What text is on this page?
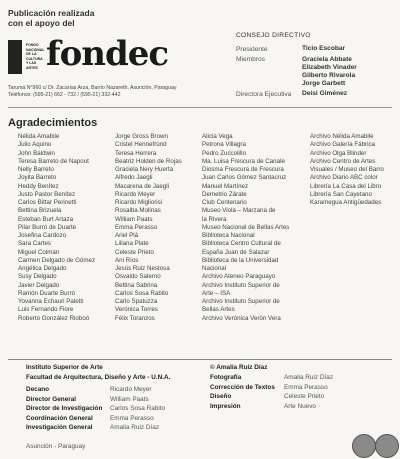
Publicación realizada
con el apoyo del
FONDO NACIONAL DE LA CULTURA Y LAS ARTES fondec
Tarumá N°960 c/ Dr. Zacarías Arza, Barrio Nazareth, Asunción, Paraguay
Teléfonos: (595-21) 662 - 732 / (595-21) 332-442
CONSEJO DIRECTIVO
Presidente	Ticio Escobar
Miembros	Graciela Abbate
Elizabeth Vinader
Gilberto Rivarola
Jorge Garbett
Directora Ejecutiva Deisi Giménez
Agradecimientos
Nélida Amabile
Julio Aquino
John Baldwin
Teresa Barreto de Napout
Nelly Barreto
Joyita Barreto
Heddy Benítez
Justo Pastor Benítez
Carlos Bittar Perinetti
Bettina Brizuela
Esteban Burt Artaza
Pilar Burró de Duarte
Josefina Cardozo
Sara Cartes
Miguel Colmán
Carmen Delgado de Gómez
Angélica Delgado
Susy Delgado
Javier Delgado
Ramón Duarte Burró
Yovanna Echauri Paletti
Luis Fernando Fiore
Roberto González Rioboó
Jorge Gross Brown
Cristel Hennefründ
Teresa Herrera
Beatriz Holden de Rojas
Graciela Nery Huerta
Alfredo Jaegli
Macarena de Jaegli
Ricardo Meyer
Ricardo Migliorisi
Rosalba Molinas
William Paats
Emma Perasso
Ariel Plá
Liliana Plate
Celeste Prieto
Ani Ríos
Jesús Ruiz Nestosa
Osvaldo Salerno
Bettina Sabrina
Carlos Sosa Rabito
Carlo Spatuzza
Verónica Torres
Félix Toranzos
Alicia Vega
Petrona Villagra
Pedro Zuccolillo
Ma. Luisa Frescura de Canale
Diosma Frescura de Frescura
Juan Carlos Gómez Santacruz
Manuel Martínez
Demetrio Zárate
Club Centenario
Museo Viola – Marzana de
la Rivera
Museo Nacional de Bellas Artes
Biblioteca Nacional
Biblioteca Centro Cultural de
España Juan de Salazar
Biblioteca de la Universidad
Nacional
Archivo Ateneo Paraguayo
Archivo Instituto Superior de
Arte – ISA
Archivo Instituto Superior de
Bellas Artes
Archivo Verónica Verón Vera
Archivo Nélida Amabile
Archivo Galería Fábrica
Archivo Olga Blinder
Archivo Centro de Artes
Visuales / Museo del Barro
Archivo Diario ABC color
Librería La Casa del Libro
Librería San Cayetano
Karamegua Antigüedades
Instituto Superior de Arte
Facultad de Arquitectura, Diseño y Arte - U.N.A.
Decano
Director General
Director de Investigación
Coordinación General
Investigación General
Ricardo Meyer
William Paats
Carlos Sosa Rabito
Emma Perasso
Amalia Ruiz Díaz
© Amalia Ruiz Díaz
Fotografía
Corrección de Textos
Diseño
Impresión
Amalia Ruiz Díaz
Emma Perasso
Celeste Prieto
Arte Nuevo
Asunción - Paraguay
